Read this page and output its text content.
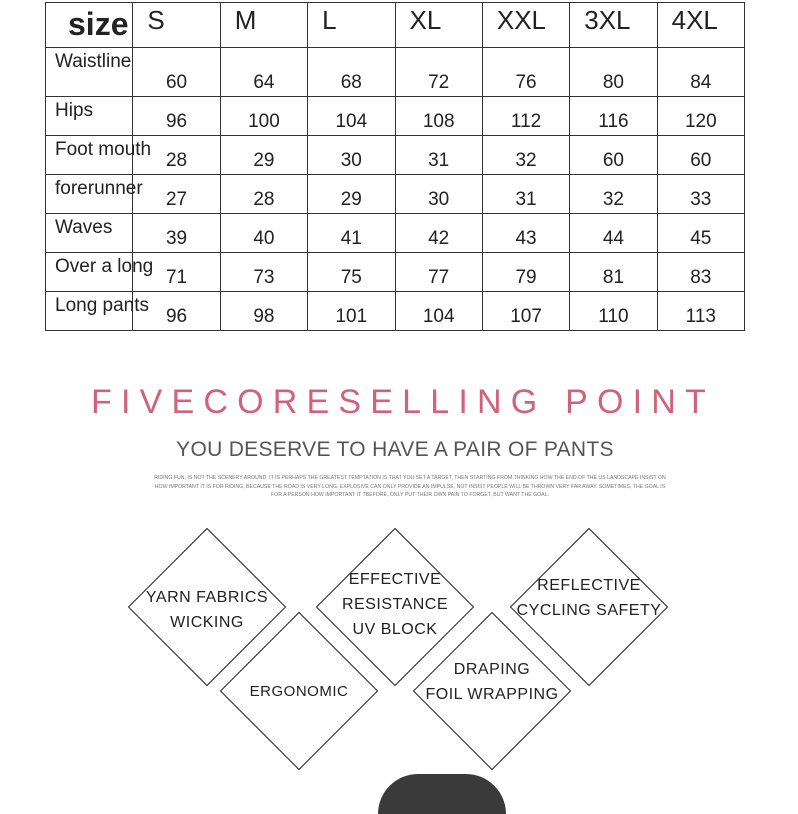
size	S	M	L	XL	XXL	3XL	4XL
Waistline	60	64	68	72	76	80	84
Hips	96	100	104	108	112	116	120
Foot mouth	28	29	30	31	32	60	60
forerunner	27	28	29	30	31	32	33
Waves	39	40	41	42	43	44	45
Over a long	71	73	75	77	79	81	83
Long pants	96	98	101	104	107	110	113
FIVECORESELLING POINT
YOU DESERVE TO HAVE A PAIR OF PANTS
RIDING FUN, IS NOT THE SCENERY AROUND. IT IS PERHAPS THE GREATEST TEMPTATION IS THAT YOU SET A TARGET, THEN STARTING FROM THINKING HOW THE END OF THE US LANDSCAPE INSIST ON
HOW IMPORTANT IT IS FOR RIDING, BECAUSE THE ROAD IS VERY LONG. EXPLOSIVE CAN ONLY PROVIDE AN IMPULSE, NOT INSIST PEOPLE WILL BE THROWN VERY FAR AWAY. SOMETIMES, THE GOAL IS
FOR A PERSON HOW IMPORTANT IT TBEFORE, ONLY PUT THEIR OWN PAIN TO FORGET, BUT WANT THE GOAL.
YARN FABRICS
WICKING
EFFECTIVE
RESISTANCE
UV BLOCK
REFLECTIVE
CYCLING SAFETY
ERGONOMIC
DRAPING
FOIL WRAPPING
